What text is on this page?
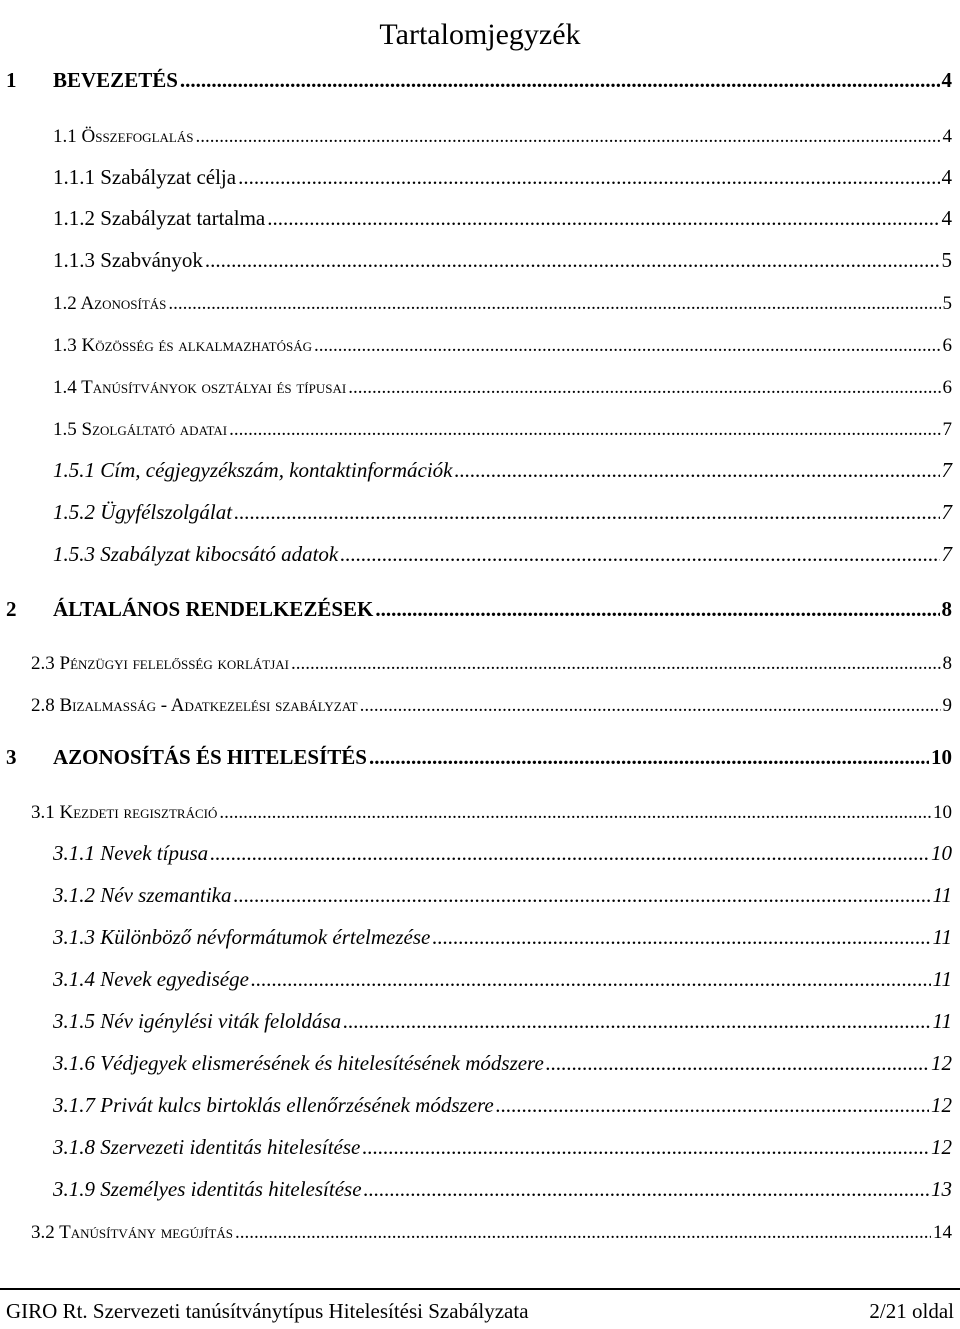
Tartalomjegyzék
1	BEVEZETÉS .....	4
1.1 Összefoglalás .....	4
1.1.1 Szabályzat célja .....	4
1.1.2 Szabályzat tartalma .....	4
1.1.3 Szabványok .....	5
1.2 Azonosítás .....	5
1.3 Közösség és alkalmazhatóság .....	6
1.4 Tanúsítványok osztályai és típusai .....	6
1.5 Szolgáltató adatai .....	7
1.5.1 Cím, cégjegyzékszám, kontaktinformációk .....	7
1.5.2 Ügyfélszolgálat .....	7
1.5.3 Szabályzat kibocsátó adatok .....	7
2	ÁLTALÁNOS RENDELKEZÉSEK .....	8
2.3 Pénzügyi felelősség korlátjai .....	8
2.8 Bizalmasság - Adatkezelési szabályzat .....	9
3	AZONOSÍTÁS ÉS HITELESÍTÉS .....	10
3.1 Kezdeti regisztráció .....	10
3.1.1 Nevek típusa .....	10
3.1.2 Név szemantika .....	11
3.1.3 Különböző névformátumok értelmezése .....	11
3.1.4 Nevek egyedisége .....	11
3.1.5 Név igénylési viták feloldása .....	11
3.1.6 Védjegyek elismerésének és hitelesítésének módszere .....	12
3.1.7 Privát kulcs birtoklás ellenőrzésének módszere .....	12
3.1.8 Szervezeti identitás hitelesítése .....	12
3.1.9 Személyes identitás hitelesítése .....	13
3.2 Tanúsítvány megújítás .....	14
GIRO Rt. Szervezeti tanúsítványtípus Hitelesítési Szabályzata	2/21 oldal
